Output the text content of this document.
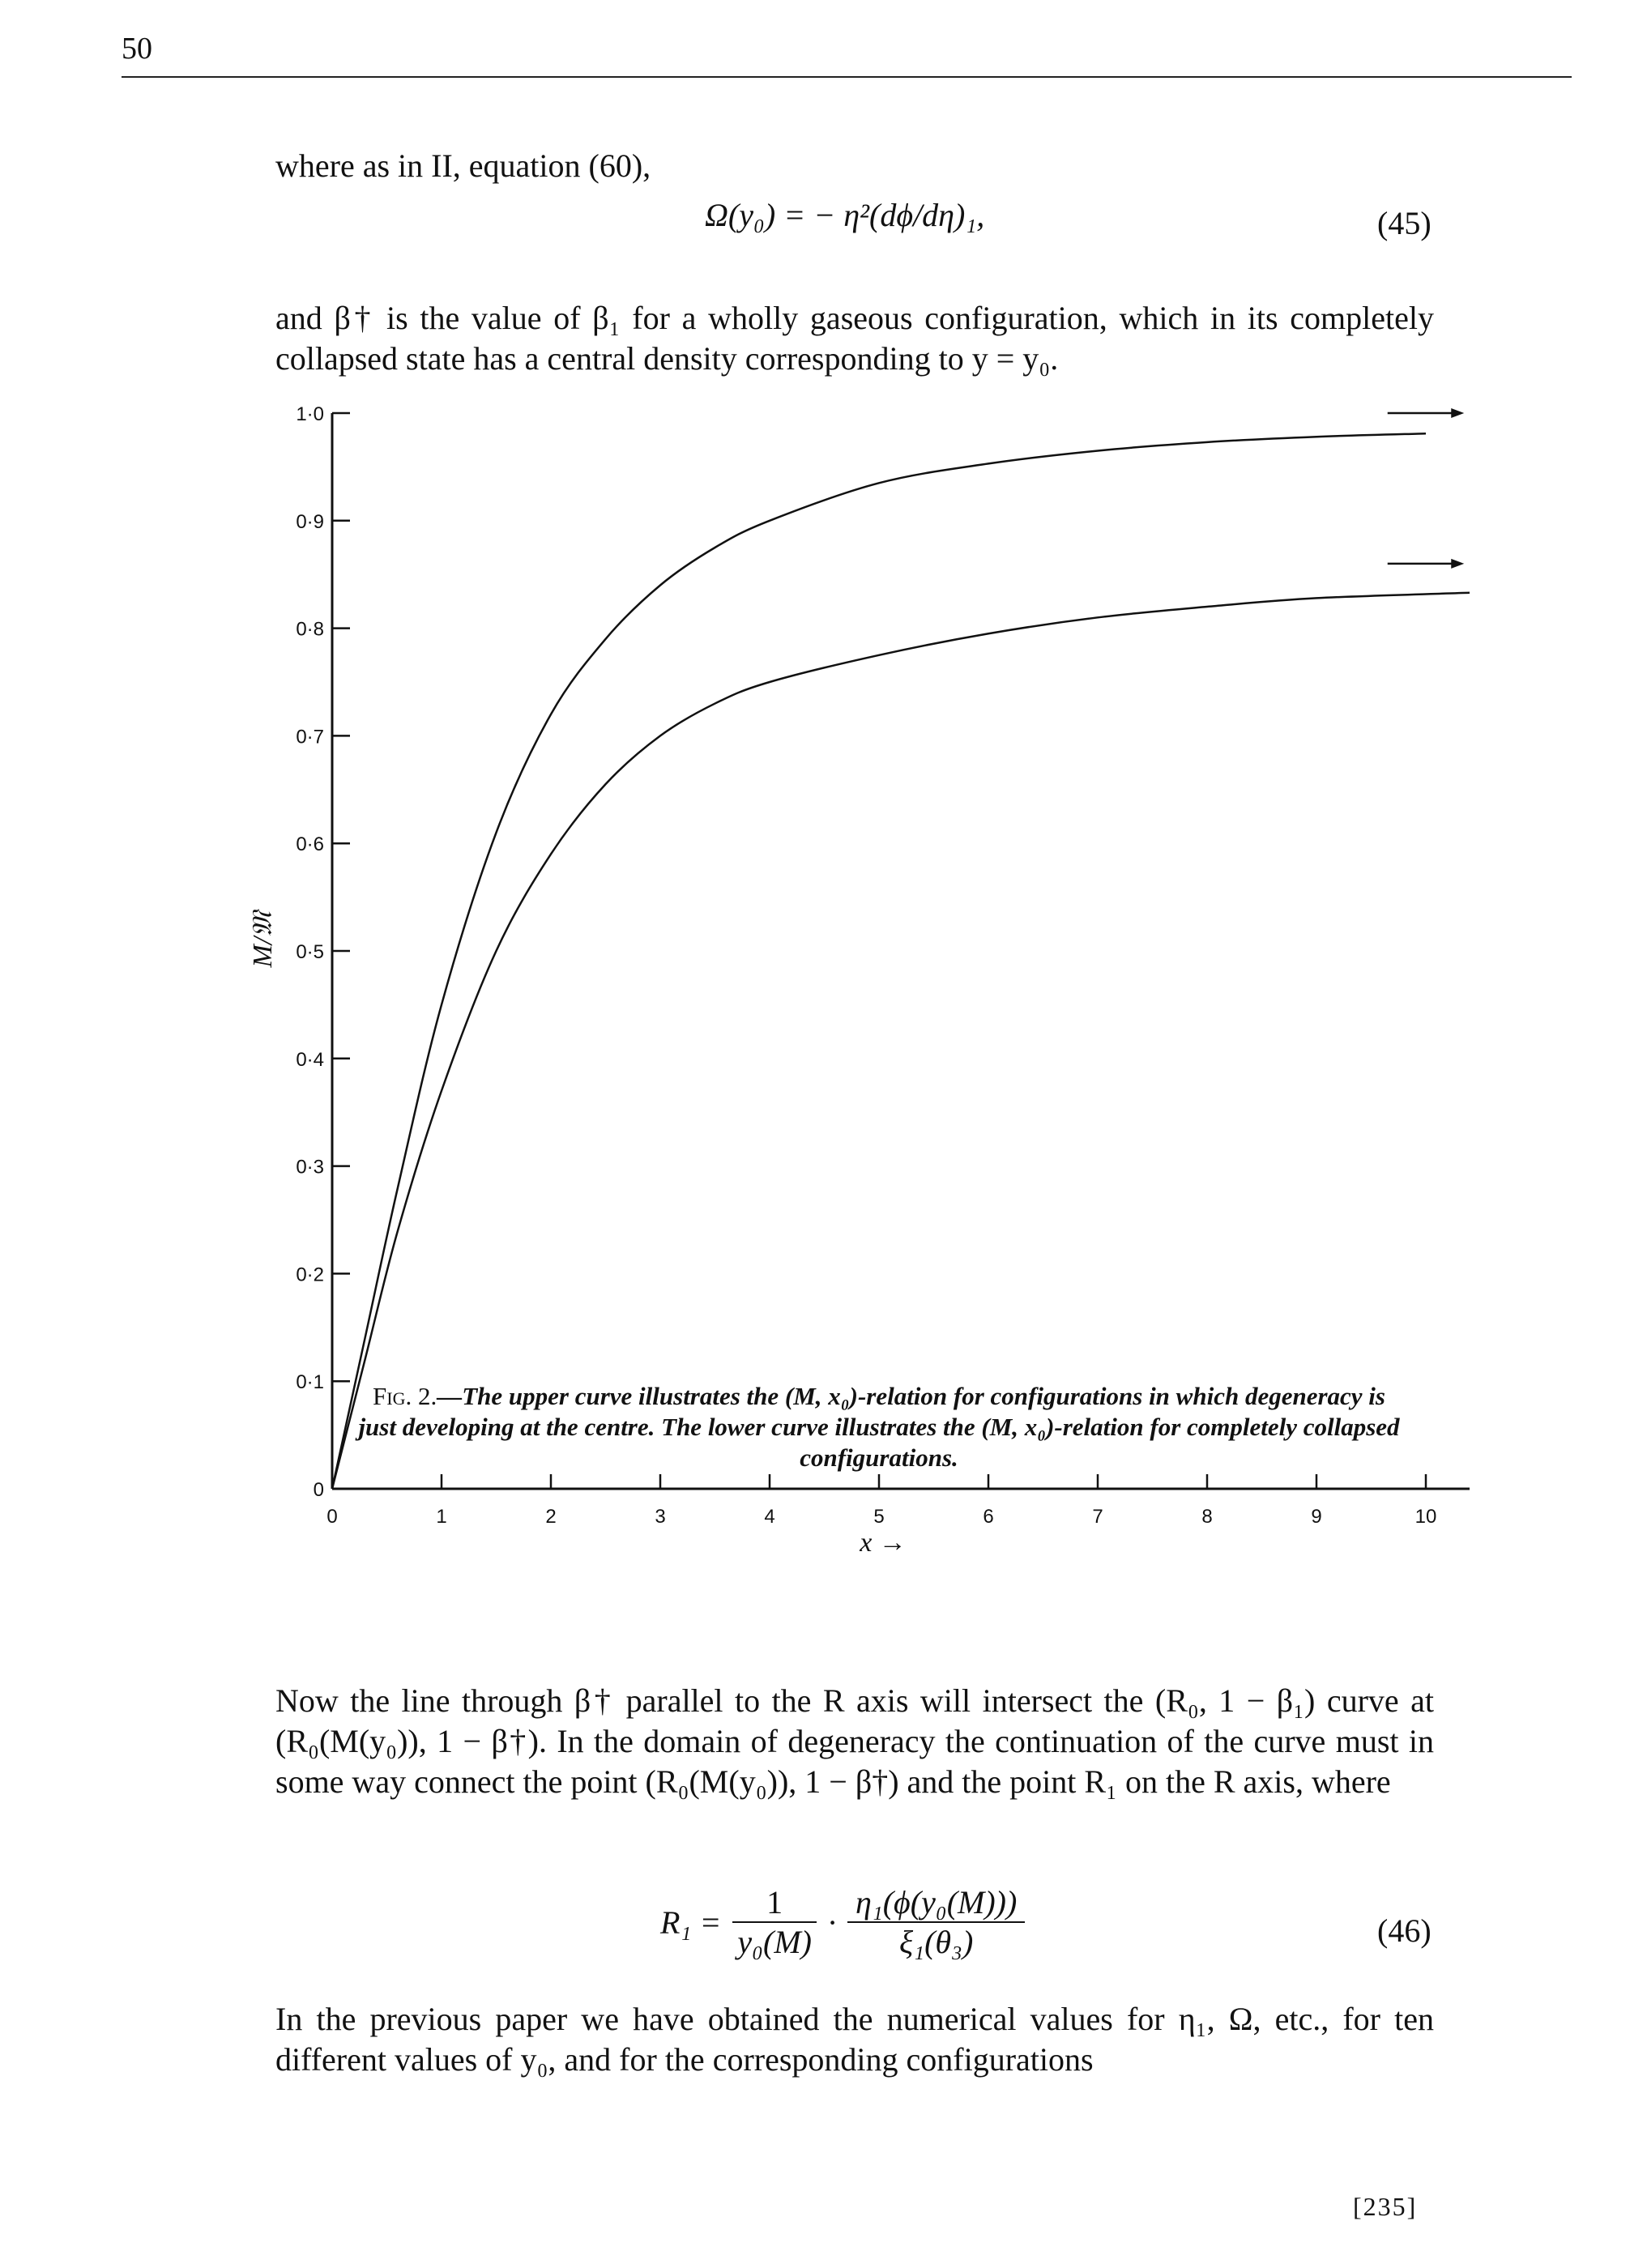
50
where as in II, equation (60),
Ω(y₀) = − η²(dϕ/dη)₁,	(45)
and β† is the value of β₁ for a wholly gaseous configuration, which in its completely collapsed state has a central density corresponding to y = y₀.
0
0·1
0·2
0·3
0·4
0·5
0·6
0·7
0·8
0·9
1·0
0	1	2	3	4	5	6	7	8	9	10
x →
M/𝔐
Fig. 2.—The upper curve illustrates the (M, x₀)-relation for configurations in which degeneracy is just developing at the centre. The lower curve illustrates the (M, x₀)-relation for completely collapsed configurations.
Now the line through β† parallel to the R axis will intersect the (R₀, 1 − β₁) curve at (R₀(M(y₀)), 1 − β†). In the domain of degeneracy the continuation of the curve must in some way connect the point (R₀(M(y₀)), 1 − β†) and the point R₁ on the R axis, where
$R_1 = \frac{1}{\text{y₀(M)}} \cdot \frac{\text{η₁(ϕ(y₀(M)))}}{\text{ξ₁(θ₃)}}$	(46)
In the previous paper we have obtained the numerical values for η₁, Ω, etc., for ten different values of y₀, and for the corresponding configurations
[235]
